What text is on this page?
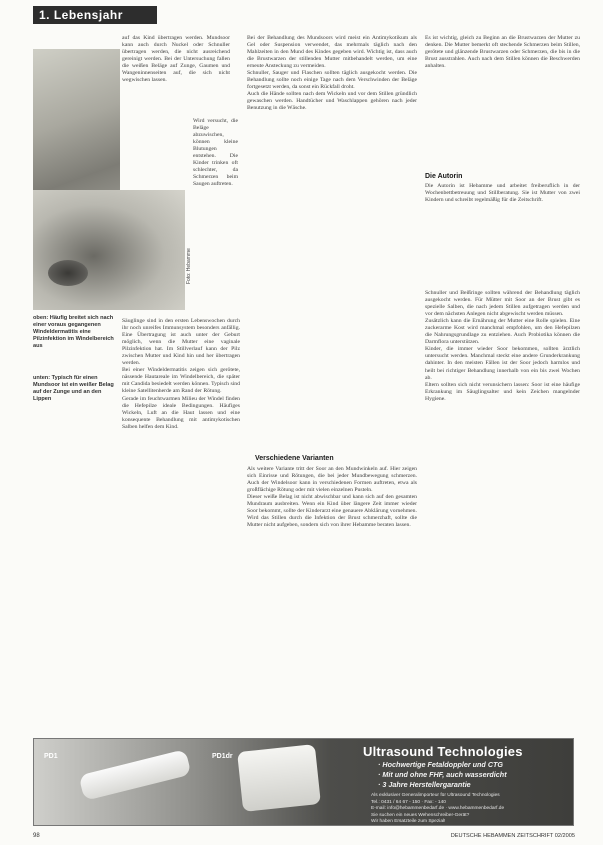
1. Lebensjahr
Foto: Hebamme
oben: Häufig breitet sich nach einer voraus gegangenen Windeldermatitis eine Pilzinfektion im Windelbereich aus
unten: Typisch für einen Mundsoor ist ein weißer Belag auf der Zunge und an den Lippen

auf das Kind übertragen werden. Mundsoor kann auch durch Nuckel oder Schnuller übertragen werden, die nicht ausreichend gereinigt werden. Bei der Untersuchung fallen die weißen Beläge auf Zunge, Gaumen und Wangeninnenseiten auf, die sich nicht wegwischen lassen.

Wird versucht, die Beläge abzuwischen, können kleine Blutungen entstehen. Die Kinder trinken oft schlechter, da Schmerzen beim Saugen auftreten.

Säuglinge sind in den ersten Lebenswochen durch ihr noch unreifes Immunsystem besonders anfällig. Eine Übertragung ist auch unter der Geburt möglich, wenn die Mutter eine vaginale Pilzinfektion hat. Im Stillverlauf kann der Pilz zwischen Mutter und Kind hin und her übertragen werden.

Bei einer Windeldermatitis zeigen sich gerötete, nässende Hautareale im Windelbereich, die später mit Candida besiedelt werden können. Typisch sind kleine Satellitenherde am Rand der Rötung.

Gerade im feuchtwarmen Milieu der Windel finden die Hefepilze ideale Bedingungen. Häufiges Wickeln, Luft an die Haut lassen und eine konsequente Behandlung mit antimykotischen Salben helfen dem Kind.

Bei der Behandlung des Mundsoors wird meist ein Antimykotikum als Gel oder Suspension verwendet, das mehrmals täglich nach den Mahlzeiten in den Mund des Kindes gegeben wird. Wichtig ist, dass auch die Brustwarzen der stillenden Mutter mitbehandelt werden, um eine erneute Ansteckung zu vermeiden.

Schnuller, Sauger und Flaschen sollten täglich ausgekocht werden. Die Behandlung sollte noch einige Tage nach dem Verschwinden der Beläge fortgesetzt werden, da sonst ein Rückfall droht.

Auch die Hände sollten nach dem Wickeln und vor dem Stillen gründlich gewaschen werden. Handtücher und Waschlappen gehören nach jeder Benutzung in die Wäsche.

Verschiedene Varianten

Als weitere Variante tritt der Soor an den Mundwinkeln auf. Hier zeigen sich Einrisse und Rötungen, die bei jeder Mundbewegung schmerzen. Auch der Windelsoor kann in verschiedenen Formen auftreten, etwa als großflächige Rötung oder mit vielen einzelnen Pusteln.

Dieser weiße Belag ist nicht abwischbar und kann sich auf den gesamten Mundraum ausbreiten. Wenn ein Kind über längere Zeit immer wieder Soor bekommt, sollte der Kinderarzt eine genauere Abklärung vornehmen.

Wird das Stillen durch die Infektion der Brust schmerzhaft, sollte die Mutter nicht aufgeben, sondern sich von ihrer Hebamme beraten lassen.

Es ist wichtig, gleich zu Beginn an die Brustwarzen der Mutter zu denken. Die Mutter bemerkt oft stechende Schmerzen beim Stillen, gerötete und glänzende Brustwarzen oder Schmerzen, die bis in die Brust ausstrahlen. Auch nach dem Stillen können die Beschwerden anhalten.

Die Autorin

Die Autorin ist Hebamme und arbeitet freiberuflich in der Wochenbettbetreuung und Stillberatung. Sie ist Mutter von zwei Kindern und schreibt regelmäßig für die Zeitschrift.

Schnuller und Beißringe sollten während der Behandlung täglich ausgekocht werden. Für Mütter mit Soor an der Brust gibt es spezielle Salben, die nach jedem Stillen aufgetragen werden und vor dem nächsten Anlegen nicht abgewischt werden müssen.

Zusätzlich kann die Ernährung der Mutter eine Rolle spielen. Eine zuckerarme Kost wird manchmal empfohlen, um den Hefepilzen die Nahrungsgrundlage zu entziehen. Auch Probiotika können die Darmflora unterstützen.

Kinder, die immer wieder Soor bekommen, sollten ärztlich untersucht werden. Manchmal steckt eine andere Grunderkrankung dahinter. In den meisten Fällen ist der Soor jedoch harmlos und heilt bei richtiger Behandlung innerhalb von ein bis zwei Wochen ab.

Eltern sollten sich nicht verunsichern lassen: Soor ist eine häufige Erkrankung im Säuglingsalter und kein Zeichen mangelnder Hygiene.

PD1	PD1dr	Ultrasound Technologies
· Hochwertige Fetaldoppler und CTG
· Mit und ohne FHF, auch wasserdicht
· 3 Jahre Herstellergarantie
Als exklusiver Generalimporteur für Ultrasound Technologies
Tel.: 0431 / 64 67 - 150 · Fax: - 140
E-mail: info@hebammenbedarf.de · www.hebammenbedarf.de
Sie suchen ein neues Wehenschreiber-Gerät?
Wir haben Ersatzteile zum Spezial!
98	DEUTSCHE HEBAMMEN ZEITSCHRIFT 02/2005
